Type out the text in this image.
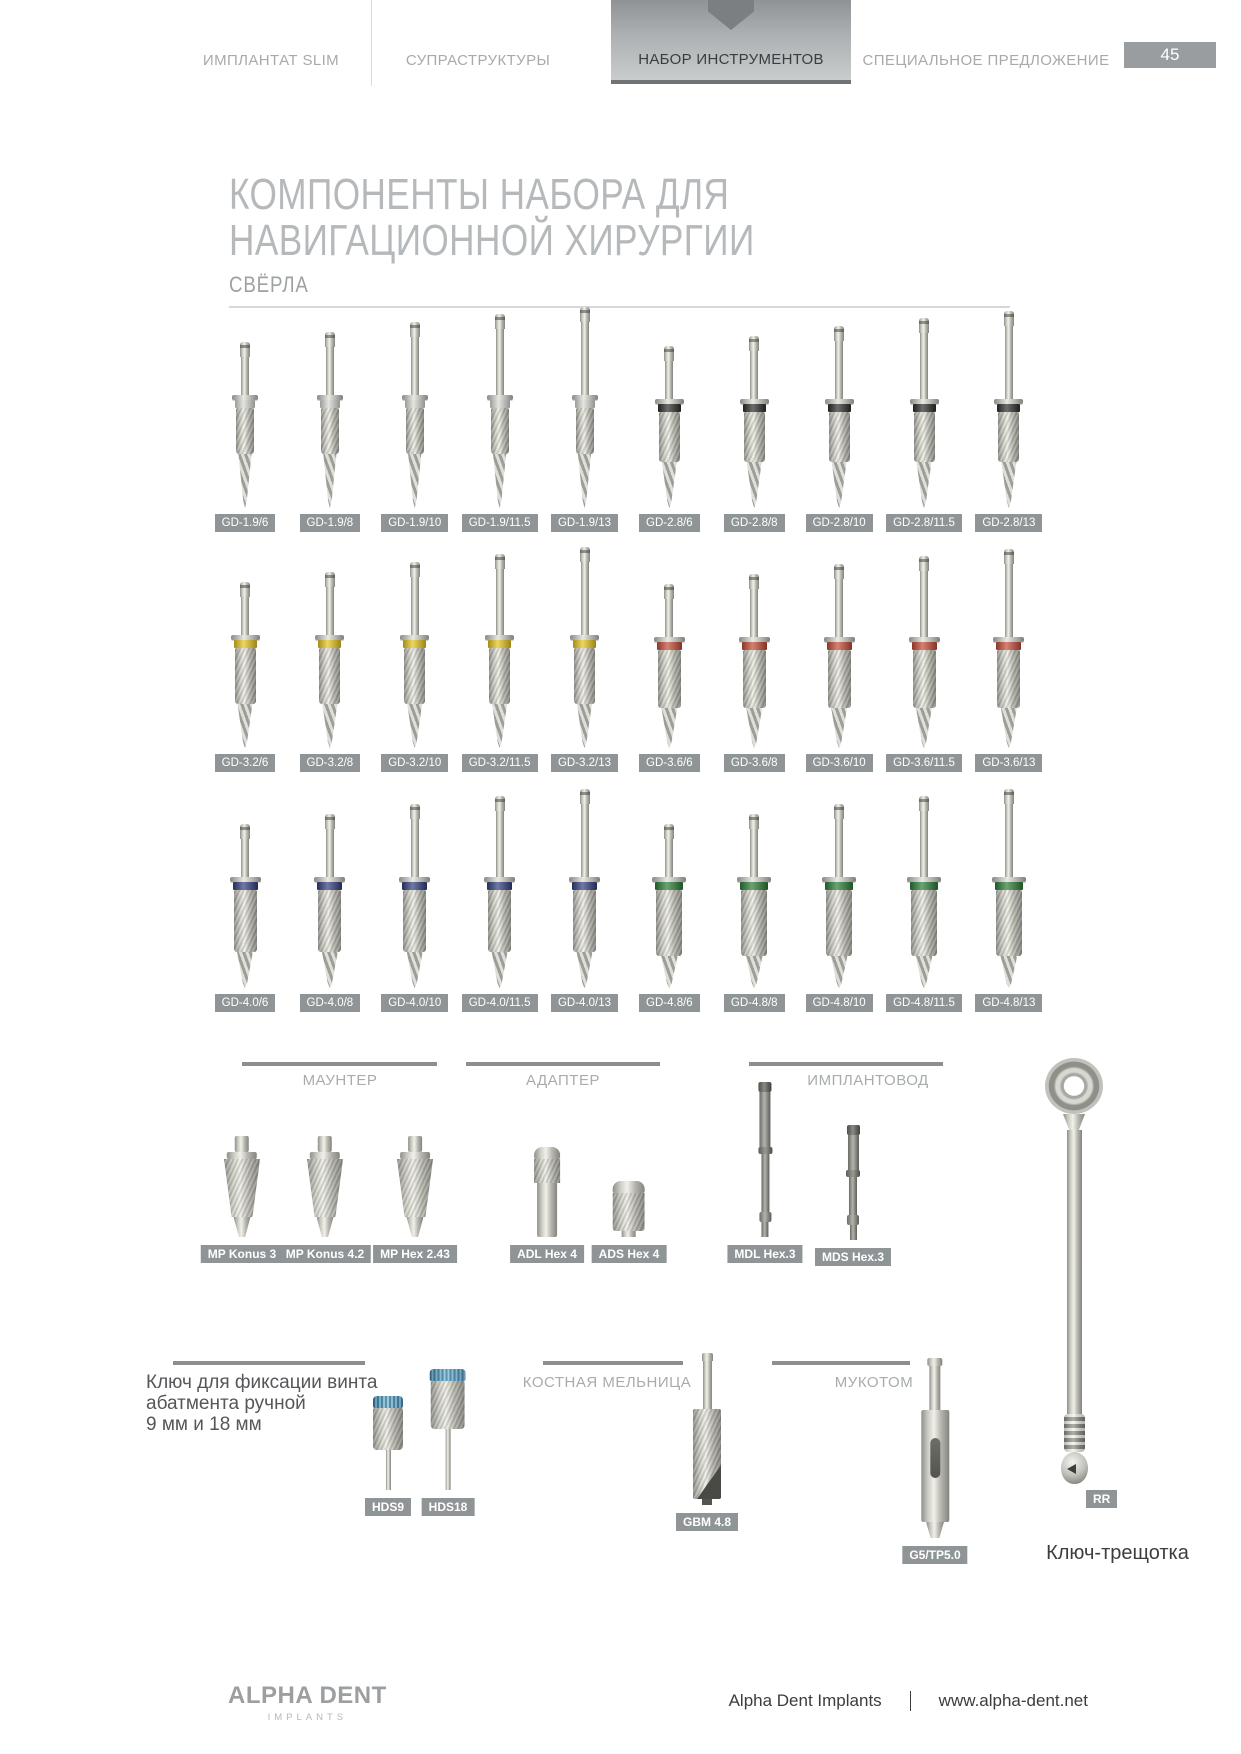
ИМПЛАНТАТ SLIM	СУПРАСТРУКТУРЫ	НАБОР ИНСТРУМЕНТОВ	СПЕЦИАЛЬНОЕ ПРЕДЛОЖЕНИЕ	45
КОМПОНЕНТЫ НАБОРА ДЛЯ НАВИГАЦИОННОЙ ХИРУРГИИ
СВЁРЛА
GD-1.9/6	GD-1.9/8	GD-1.9/10	GD-1.9/11.5	GD-1.9/13	GD-2.8/6	GD-2.8/8	GD-2.8/10	GD-2.8/11.5	GD-2.8/13
GD-3.2/6	GD-3.2/8	GD-3.2/10	GD-3.2/11.5	GD-3.2/13	GD-3.6/6	GD-3.6/8	GD-3.6/10	GD-3.6/11.5	GD-3.6/13
GD-4.0/6	GD-4.0/8	GD-4.0/10	GD-4.0/11.5	GD-4.0/13	GD-4.8/6	GD-4.8/8	GD-4.8/10	GD-4.8/11.5	GD-4.8/13
МАУНТЕР	АДАПТЕР	ИМПЛАНТОВОД
КОСТНАЯ МЕЛЬНИЦА	МУКОТОМ
Ключ для фиксации винта
абатмента ручной
9 мм и 18 мм
MP Konus 3 MP Konus 4.2	MP Hex 2.43	ADL Hex 4	ADS Hex 4	MDL Hex.3	MDS Hex.3
HDS9	HDS18
GBM 4.8
G5/TP5.0
RR
Ключ-трещотка
ALPHA DENT
IMPLANTS
Alpha Dent Implants	www.alpha-dent.net
